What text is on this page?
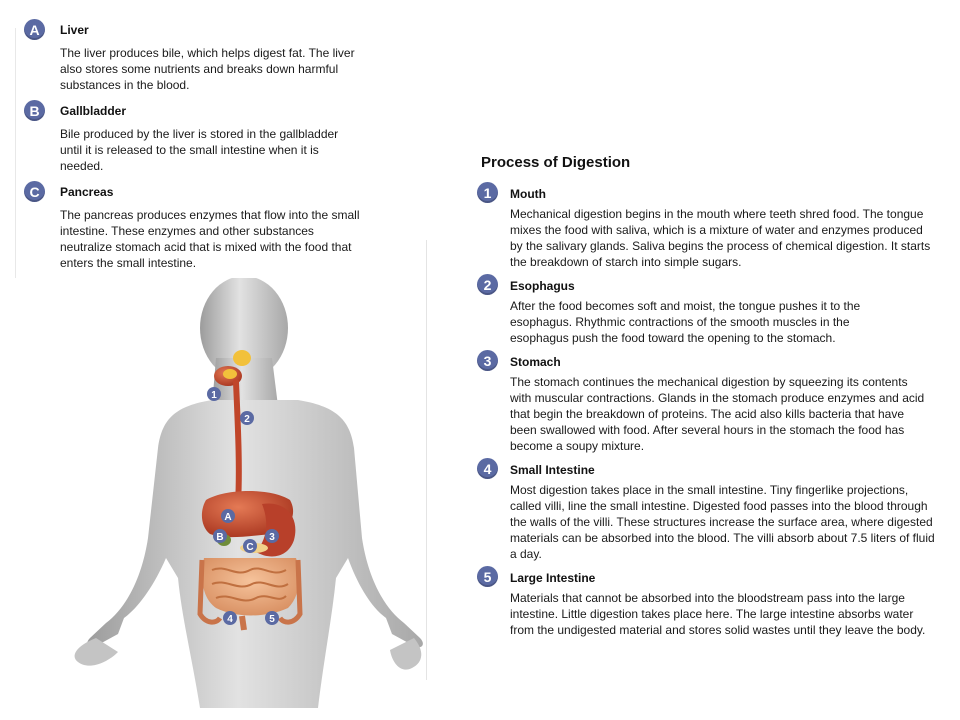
A	Liver

The liver produces bile, which helps digest fat. The liver also stores some nutrients and breaks down harmful substances in the blood.

B	Gallbladder

Bile produced by the liver is stored in the gallbladder until it is released to the small intestine when it is needed.

C	Pancreas

The pancreas produces enzymes that flow into the small intestine. These enzymes and other substances neutralize stomach acid that is mixed with the food that enters the small intestine.

Process of Digestion
1	Mouth

Mechanical digestion begins in the mouth where teeth shred food. The tongue mixes the food with saliva, which is a mixture of water and enzymes produced by the salivary glands. Saliva begins the process of chemical digestion. It starts the breakdown of starch into simple sugars.

2	Esophagus

After the food becomes soft and moist, the tongue pushes it to the esophagus. Rhythmic contractions of the smooth muscles in the esophagus push the food toward the opening to the stomach.

3	Stomach

The stomach continues the mechanical digestion by squeezing its contents with muscular contractions. Glands in the stomach produce enzymes and acid that begin the breakdown of proteins. The acid also kills bacteria that have been swallowed with food. After several hours in the stomach the food has become a soupy mixture.

4	Small Intestine

Most digestion takes place in the small intestine. Tiny fingerlike projections, called villi, line the small intestine. Digested food passes into the blood through the walls of the villi. These structures increase the surface area, where digested materials can be absorbed into the blood. The villi absorb about 7.5 liters of fluid a day.

5	Large Intestine

Materials that cannot be absorbed into the bloodstream pass into the large intestine. Little digestion takes place here. The large intestine absorbs water from the undigested material and stores solid wastes until they leave the body.

1
2
A
B
C
3
4	5
